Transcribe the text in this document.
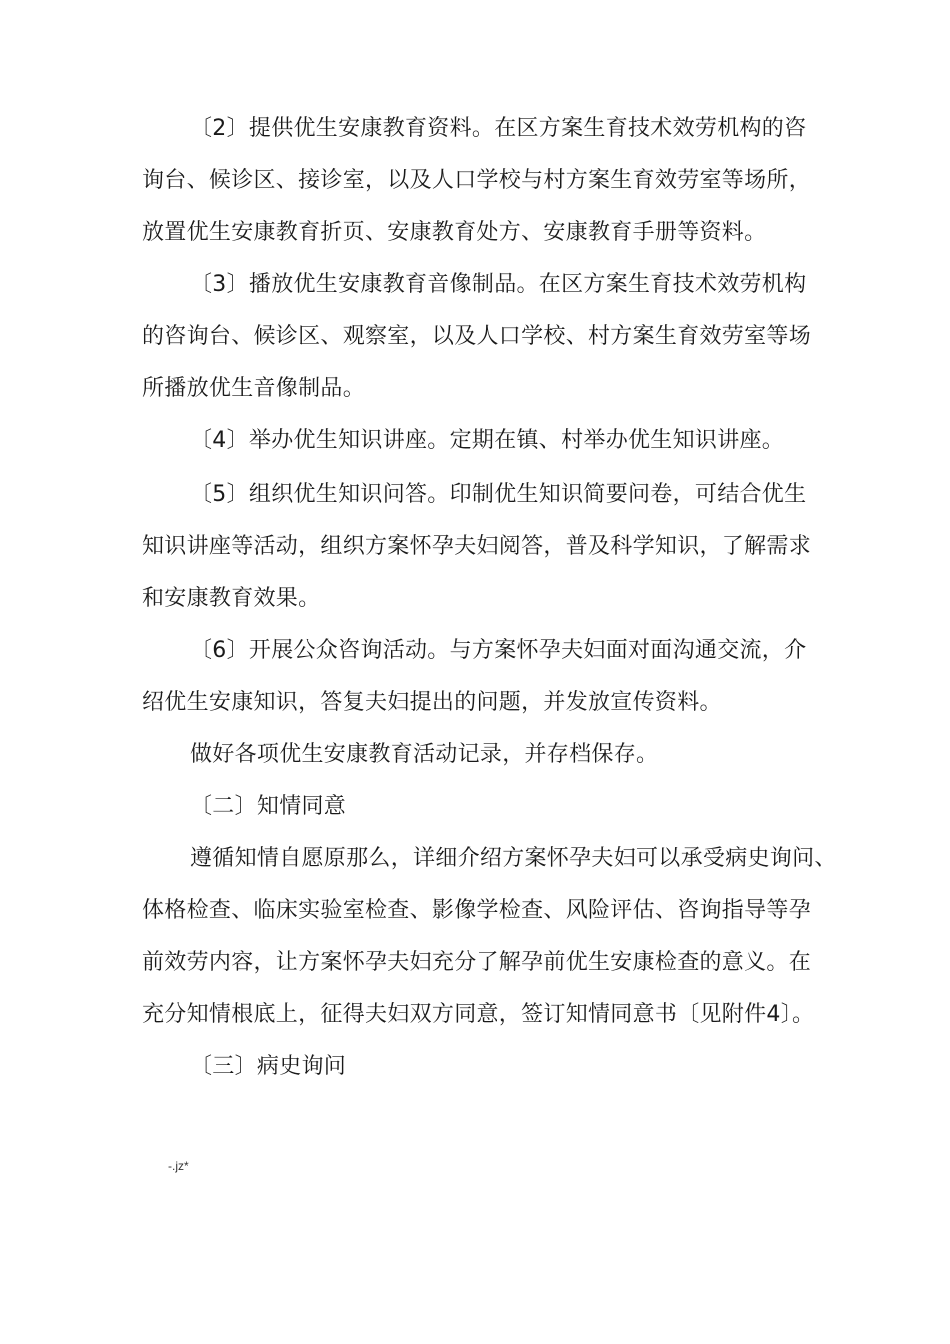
〔2〕提供优生安康教育资料。在区方案生育技术效劳机构的咨
询台、候诊区、接诊室，以及人口学校与村方案生育效劳室等场所，
放置优生安康教育折页、安康教育处方、安康教育手册等资料。
〔3〕播放优生安康教育音像制品。在区方案生育技术效劳机构
的咨询台、候诊区、观察室，以及人口学校、村方案生育效劳室等场
所播放优生音像制品。
〔4〕举办优生知识讲座。定期在镇、村举办优生知识讲座。
〔5〕组织优生知识问答。印制优生知识简要问卷，可结合优生
知识讲座等活动，组织方案怀孕夫妇阅答，普及科学知识，了解需求
和安康教育效果。
〔6〕开展公众咨询活动。与方案怀孕夫妇面对面沟通交流，介
绍优生安康知识，答复夫妇提出的问题，并发放宣传资料。
做好各项优生安康教育活动记录，并存档保存。
〔二〕知情同意
遵循知情自愿原那么，详细介绍方案怀孕夫妇可以承受病史询问、
体格检查、临床实验室检查、影像学检查、风险评估、咨询指导等孕
前效劳内容，让方案怀孕夫妇充分了解孕前优生安康检查的意义。在
充分知情根底上，征得夫妇双方同意，签订知情同意书〔见附件4〕。
〔三〕病史询问
-.jz*
